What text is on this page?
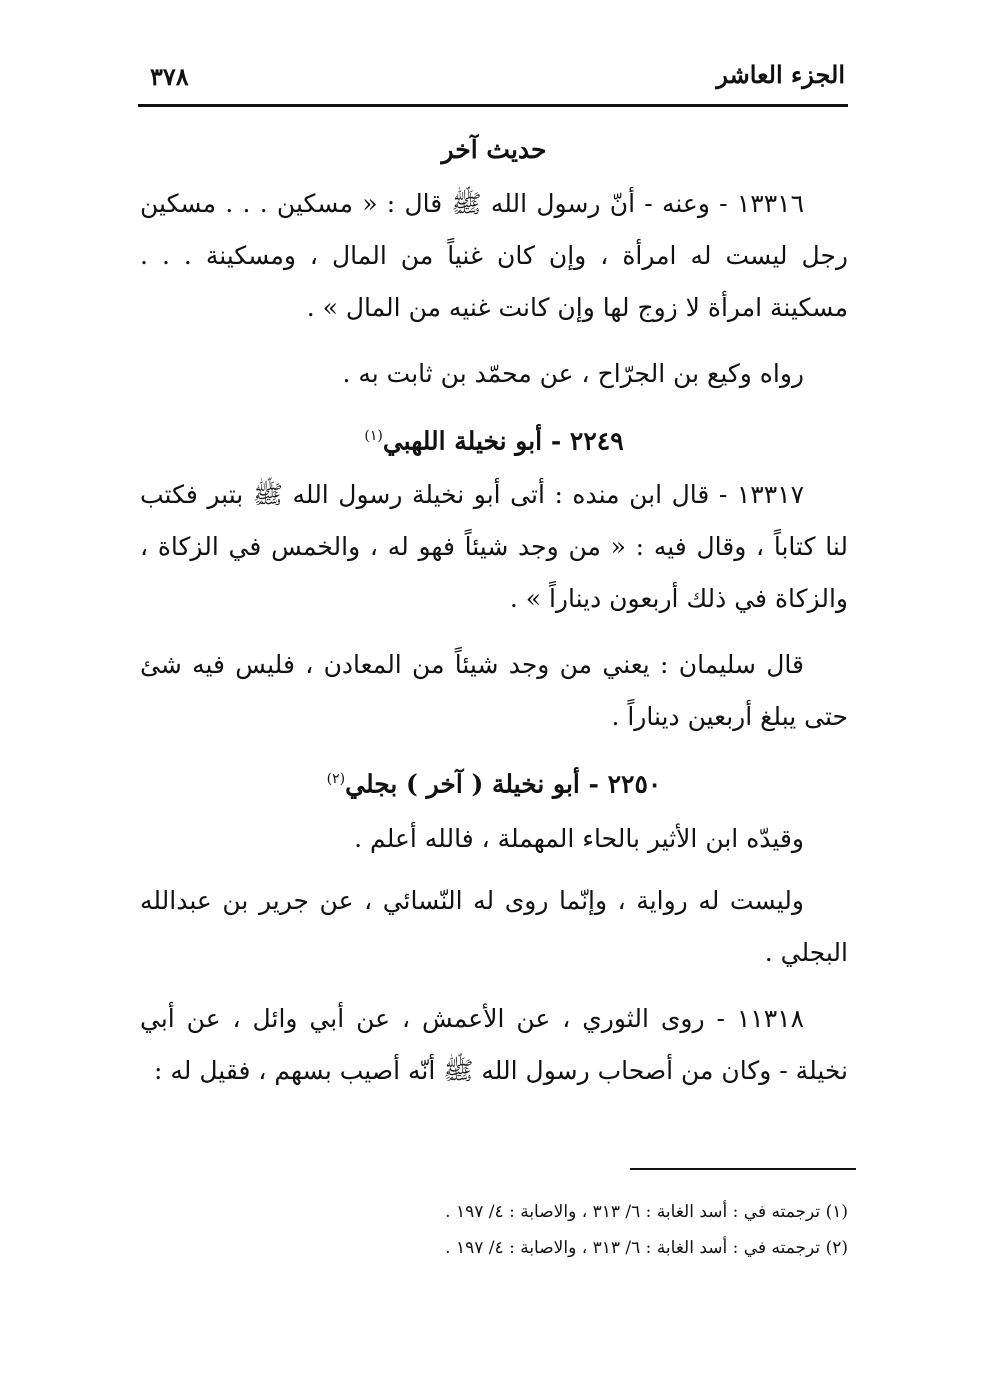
الجزء العاشر
٣٧٨
حديث آخر

١٣٣١٦ - وعنه - أنّ رسول الله ﷺ قال : « مسكين . . . مسكين رجل ليست له امرأة ، وإن كان غنياً من المال ، ومسكينة . . . مسكينة امرأة لا زوج لها وإن كانت غنيه من المال » .

رواه وكيع بن الجرّاح ، عن محمّد بن ثابت به .

٢٢٤٩ - أبو نخيلة اللهبي$^{(١)}$

١٣٣١٧ - قال ابن منده : أتى أبو نخيلة رسول الله ﷺ بتبر فكتب لنا كتاباً ، وقال فيه : « من وجد شيئاً فهو له ، والخمس في الزكاة ، والزكاة في ذلك أربعون ديناراً » .

قال سليمان : يعني من وجد شيئاً من المعادن ، فليس فيه شئ حتى يبلغ أربعين ديناراً .

٢٢٥٠ - أبو نخيلة ( آخر ) بجلي$^{(٢)}$

وقيدّه ابن الأثير بالحاء المهملة ، فالله أعلم .

وليست له رواية ، وإنّما روى له النّسائي ، عن جرير بن عبدالله البجلي .

١١٣١٨ - روى الثوري ، عن الأعمش ، عن أبي وائل ، عن أبي نخيلة - وكان من أصحاب رسول الله ﷺ أنّه أصيب بسهم ، فقيل له :

(١) ترجمته في : أسد الغابة : ٦/ ٣١٣ ، والاصابة : ٤/ ١٩٧ .

(٢) ترجمته في : أسد الغابة : ٦/ ٣١٣ ، والاصابة : ٤/ ١٩٧ .
